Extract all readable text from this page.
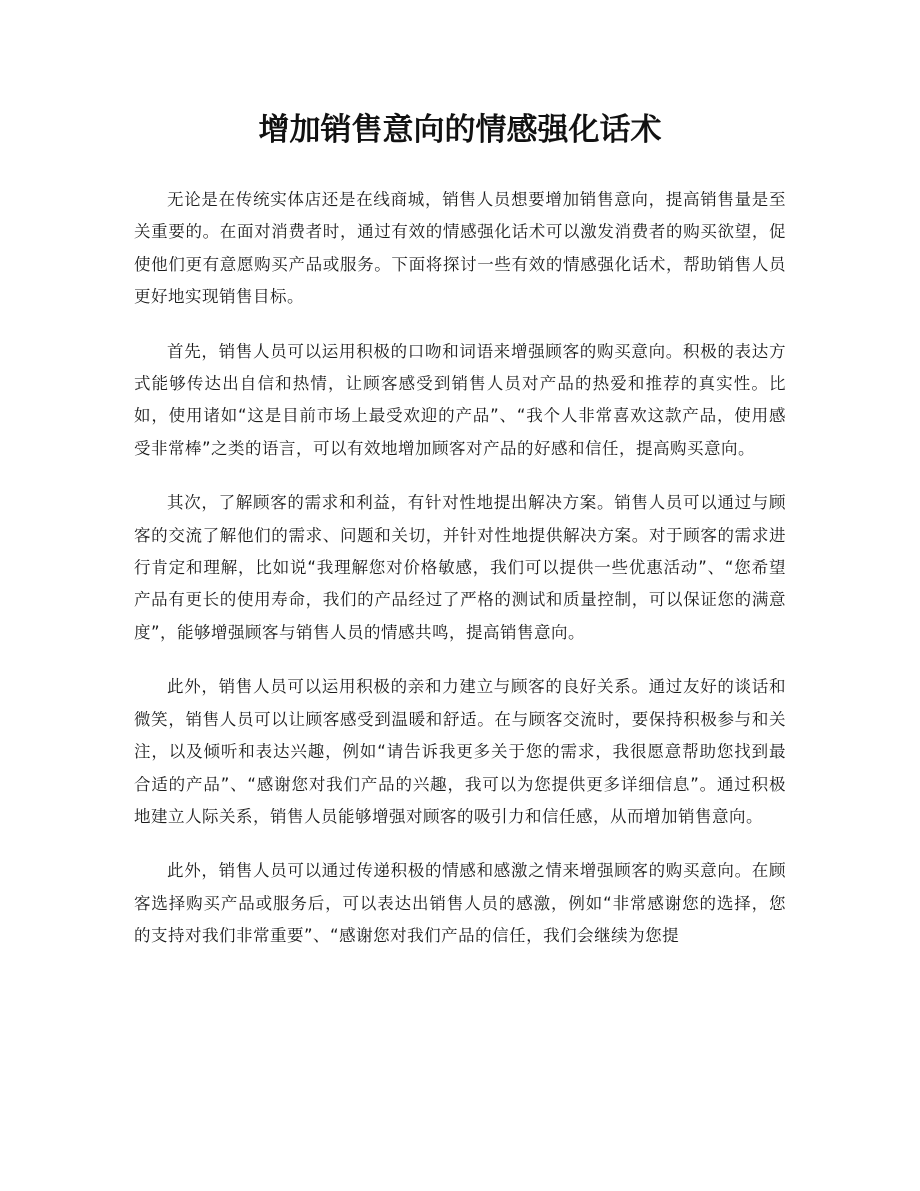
增加销售意向的情感强化话术

无论是在传统实体店还是在线商城，销售人员想要增加销售意向，提高销售量是至关重要的。在面对消费者时，通过有效的情感强化话术可以激发消费者的购买欲望，促使他们更有意愿购买产品或服务。下面将探讨一些有效的情感强化话术，帮助销售人员更好地实现销售目标。

首先，销售人员可以运用积极的口吻和词语来增强顾客的购买意向。积极的表达方式能够传达出自信和热情，让顾客感受到销售人员对产品的热爱和推荐的真实性。比如，使用诸如“这是目前市场上最受欢迎的产品”、“我个人非常喜欢这款产品，使用感受非常棒”之类的语言，可以有效地增加顾客对产品的好感和信任，提高购买意向。

其次，了解顾客的需求和利益，有针对性地提出解决方案。销售人员可以通过与顾客的交流了解他们的需求、问题和关切，并针对性地提供解决方案。对于顾客的需求进行肯定和理解，比如说“我理解您对价格敏感，我们可以提供一些优惠活动”、“您希望产品有更长的使用寿命，我们的产品经过了严格的测试和质量控制，可以保证您的满意度”，能够增强顾客与销售人员的情感共鸣，提高销售意向。

此外，销售人员可以运用积极的亲和力建立与顾客的良好关系。通过友好的谈话和微笑，销售人员可以让顾客感受到温暖和舒适。在与顾客交流时，要保持积极参与和关注，以及倾听和表达兴趣，例如“请告诉我更多关于您的需求，我很愿意帮助您找到最合适的产品”、“感谢您对我们产品的兴趣，我可以为您提供更多详细信息”。通过积极地建立人际关系，销售人员能够增强对顾客的吸引力和信任感，从而增加销售意向。

此外，销售人员可以通过传递积极的情感和感激之情来增强顾客的购买意向。在顾客选择购买产品或服务后，可以表达出销售人员的感激，例如“非常感谢您的选择，您的支持对我们非常重要”、“感谢您对我们产品的信任，我们会继续为您提
